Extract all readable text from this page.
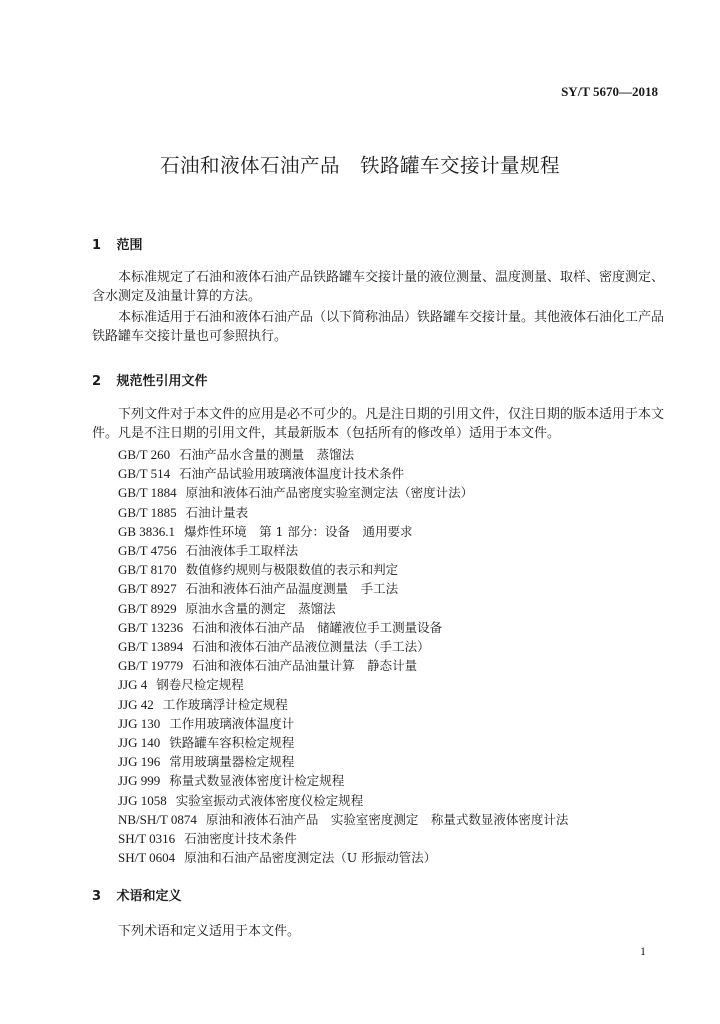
SY/T 5670—2018
石油和液体石油产品　铁路罐车交接计量规程
1 范围
本标准规定了石油和液体石油产品铁路罐车交接计量的液位测量、温度测量、取样、密度测定、含水测定及油量计算的方法。
本标准适用于石油和液体石油产品（以下简称油品）铁路罐车交接计量。其他液体石油化工产品铁路罐车交接计量也可参照执行。
2 规范性引用文件
下列文件对于本文件的应用是必不可少的。凡是注日期的引用文件，仅注日期的版本适用于本文件。凡是不注日期的引用文件，其最新版本（包括所有的修改单）适用于本文件。
GB/T 260 石油产品水含量的测量　蒸馏法
GB/T 514 石油产品试验用玻璃液体温度计技术条件
GB/T 1884 原油和液体石油产品密度实验室测定法（密度计法）
GB/T 1885 石油计量表
GB 3836.1 爆炸性环境　第 1 部分：设备　通用要求
GB/T 4756 石油液体手工取样法
GB/T 8170 数值修约规则与极限数值的表示和判定
GB/T 8927 石油和液体石油产品温度测量　手工法
GB/T 8929 原油水含量的测定　蒸馏法
GB/T 13236 石油和液体石油产品　储罐液位手工测量设备
GB/T 13894 石油和液体石油产品液位测量法（手工法）
GB/T 19779 石油和液体石油产品油量计算　静态计量
JJG 4 钢卷尺检定规程
JJG 42 工作玻璃浮计检定规程
JJG 130 工作用玻璃液体温度计
JJG 140 铁路罐车容积检定规程
JJG 196 常用玻璃量器检定规程
JJG 999 称量式数显液体密度计检定规程
JJG 1058 实验室振动式液体密度仪检定规程
NB/SH/T 0874 原油和液体石油产品　实验室密度测定　称量式数显液体密度计法
SH/T 0316 石油密度计技术条件
SH/T 0604 原油和石油产品密度测定法（U 形振动管法）
3 术语和定义
下列术语和定义适用于本文件。
1
